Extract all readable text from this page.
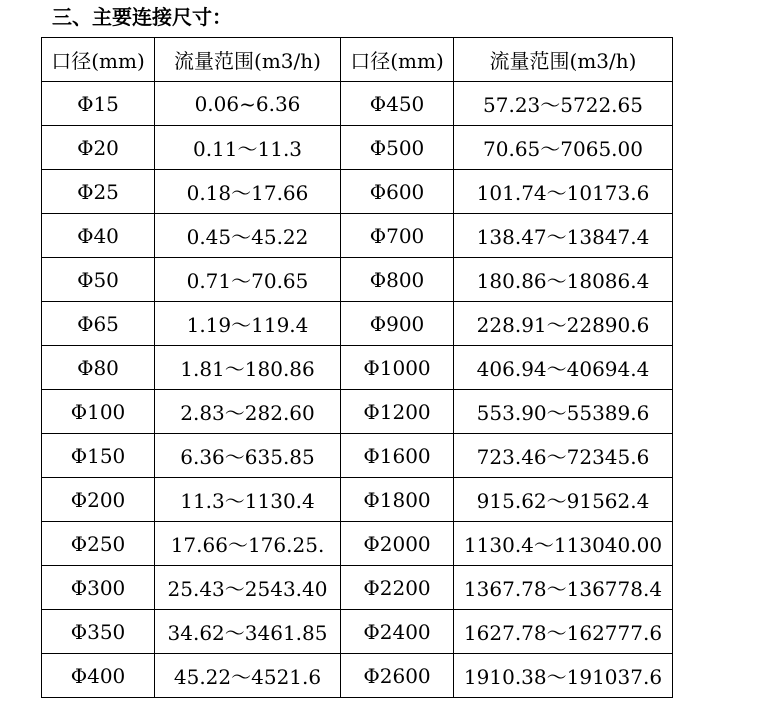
三、主要连接尺寸：
口径(mm)	流量范围(m3/h)	口径(mm)	流量范围(m3/h)
Φ15	0.06~6.36	Φ450	57.23～5722.65
Φ20	0.11～11.3	Φ500	70.65～7065.00
Φ25	0.18～17.66	Φ600	101.74～10173.6
Φ40	0.45～45.22	Φ700	138.47～13847.4
Φ50	0.71～70.65	Φ800	180.86～18086.4
Φ65	1.19～119.4	Φ900	228.91～22890.6
Φ80	1.81～180.86	Φ1000	406.94～40694.4
Φ100	2.83～282.60	Φ1200	553.90～55389.6
Φ150	6.36～635.85	Φ1600	723.46～72345.6
Φ200	11.3～1130.4	Φ1800	915.62～91562.4
Φ250	17.66～176.25.	Φ2000	1130.4～113040.00
Φ300	25.43～2543.40	Φ2200	1367.78～136778.4
Φ350	34.62～3461.85	Φ2400	1627.78～162777.6
Φ400	45.22～4521.6	Φ2600	1910.38～191037.6
